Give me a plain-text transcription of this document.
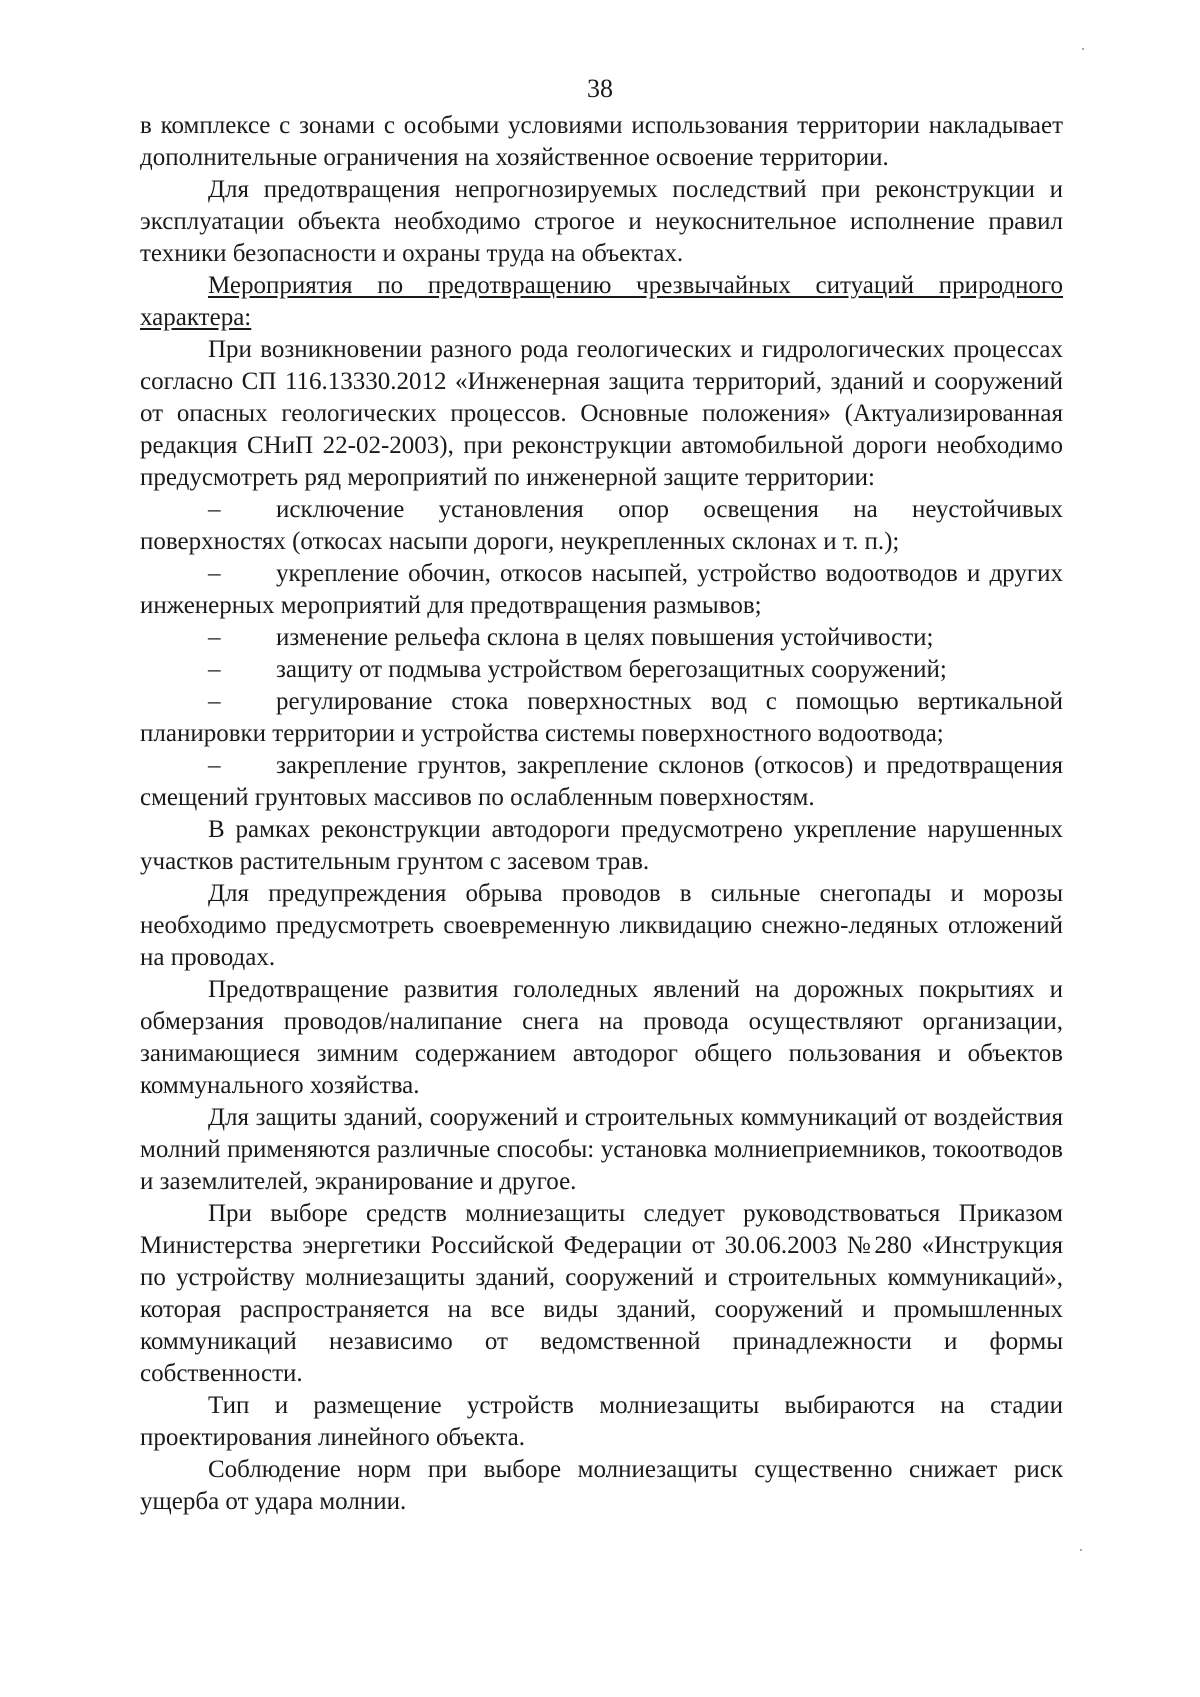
38

в комплексе с зонами с особыми условиями использования территории накладывает дополнительные ограничения на хозяйственное освоение территории.

Для предотвращения непрогнозируемых последствий при реконструкции и эксплуатации объекта необходимо строгое и неукоснительное исполнение правил техники безопасности и охраны труда на объектах.

Мероприятия по предотвращению чрезвычайных ситуаций природного характера:

При возникновении разного рода геологических и гидрологических процессах согласно СП 116.13330.2012 «Инженерная защита территорий, зданий и сооружений от опасных геологических процессов. Основные положения» (Актуализированная редакция СНиП 22-02-2003), при реконструкции автомобильной дороги необходимо предусмотреть ряд мероприятий по инженерной защите территории:

– исключение установления опор освещения на неустойчивых поверхностях (откосах насыпи дороги, неукрепленных склонах и т. п.);
– укрепление обочин, откосов насыпей, устройство водоотводов и других инженерных мероприятий для предотвращения размывов;
– изменение рельефа склона в целях повышения устойчивости;
– защиту от подмыва устройством берегозащитных сооружений;
– регулирование стока поверхностных вод с помощью вертикальной планировки территории и устройства системы поверхностного водоотвода;
– закрепление грунтов, закрепление склонов (откосов) и предотвращения смещений грунтовых массивов по ослабленным поверхностям.

В рамках реконструкции автодороги предусмотрено укрепление нарушенных участков растительным грунтом с засевом трав.

Для предупреждения обрыва проводов в сильные снегопады и морозы необходимо предусмотреть своевременную ликвидацию снежно-ледяных отложений на проводах.

Предотвращение развития гололедных явлений на дорожных покрытиях и обмерзания проводов/налипание снега на провода осуществляют организации, занимающиеся зимним содержанием автодорог общего пользования и объектов коммунального хозяйства.

Для защиты зданий, сооружений и строительных коммуникаций от воздействия молний применяются различные способы: установка молниеприемников, токоотводов и заземлителей, экранирование и другое.

При выборе средств молниезащиты следует руководствоваться Приказом Министерства энергетики Российской Федерации от 30.06.2003 №280 «Инструкция по устройству молниезащиты зданий, сооружений и строительных коммуникаций», которая распространяется на все виды зданий, сооружений и промышленных коммуникаций независимо от ведомственной принадлежности и формы собственности.

Тип и размещение устройств молниезащиты выбираются на стадии проектирования линейного объекта.

Соблюдение норм при выборе молниезащиты существенно снижает риск ущерба от удара молнии.
